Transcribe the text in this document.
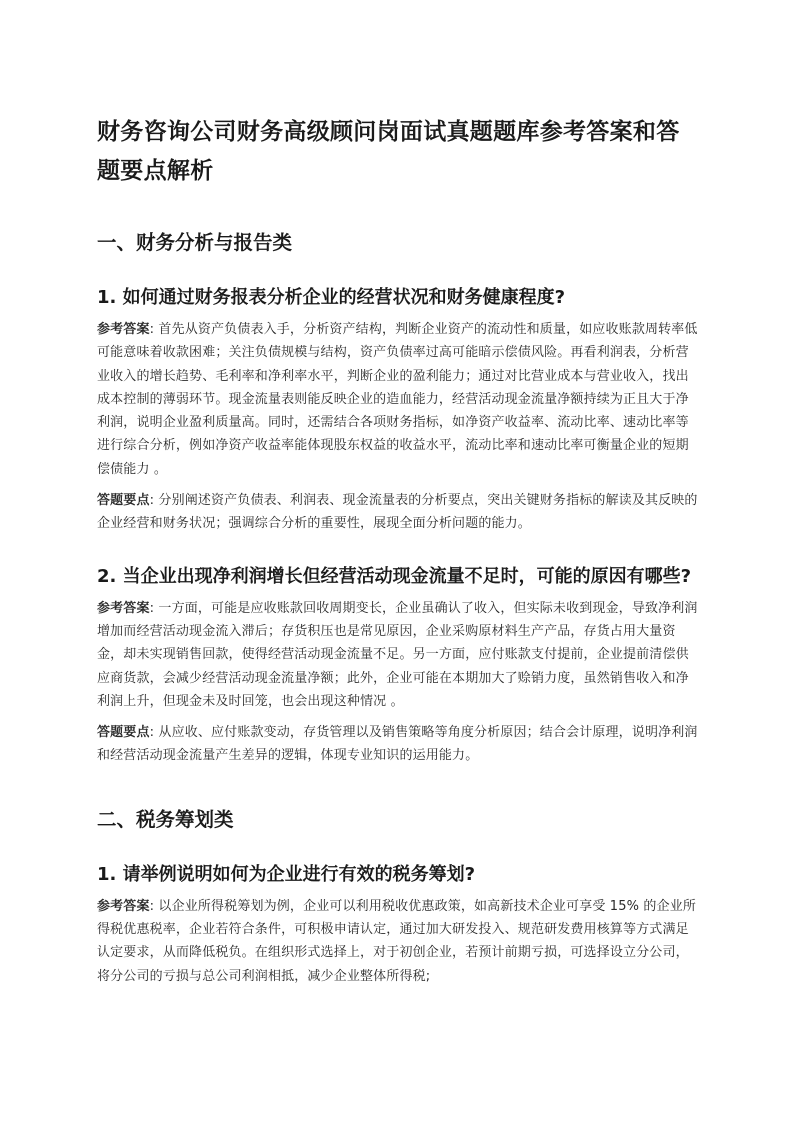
财务咨询公司财务高级顾问岗面试真题题库参考答案和答题要点解析
一、财务分析与报告类
1. 如何通过财务报表分析企业的经营状况和财务健康程度?

参考答案: 首先从资产负债表入手，分析资产结构，判断企业资产的流动性和质量，如应收账款周转率低可能意味着收款困难；关注负债规模与结构，资产负债率过高可能暗示偿债风险。再看利润表，分析营业收入的增长趋势、毛利率和净利率水平，判断企业的盈利能力；通过对比营业成本与营业收入，找出成本控制的薄弱环节。现金流量表则能反映企业的造血能力，经营活动现金流量净额持续为正且大于净利润，说明企业盈利质量高。同时，还需结合各项财务指标，如净资产收益率、流动比率、速动比率等进行综合分析，例如净资产收益率能体现股东权益的收益水平，流动比率和速动比率可衡量企业的短期偿债能力 。

答题要点: 分别阐述资产负债表、利润表、现金流量表的分析要点，突出关键财务指标的解读及其反映的企业经营和财务状况；强调综合分析的重要性，展现全面分析问题的能力。

2. 当企业出现净利润增长但经营活动现金流量不足时，可能的原因有哪些?

参考答案: 一方面，可能是应收账款回收周期变长，企业虽确认了收入，但实际未收到现金，导致净利润增加而经营活动现金流入滞后；存货积压也是常见原因，企业采购原材料生产产品，存货占用大量资金，却未实现销售回款，使得经营活动现金流量不足。另一方面，应付账款支付提前，企业提前清偿供应商货款，会减少经营活动现金流量净额；此外，企业可能在本期加大了赊销力度，虽然销售收入和净利润上升，但现金未及时回笼，也会出现这种情况 。

答题要点: 从应收、应付账款变动，存货管理以及销售策略等角度分析原因；结合会计原理，说明净利润和经营活动现金流量产生差异的逻辑，体现专业知识的运用能力。

二、税务筹划类
1. 请举例说明如何为企业进行有效的税务筹划?

参考答案: 以企业所得税筹划为例，企业可以利用税收优惠政策，如高新技术企业可享受 15% 的企业所得税优惠税率，企业若符合条件，可积极申请认定，通过加大研发投入、规范研发费用核算等方式满足认定要求，从而降低税负。在组织形式选择上，对于初创企业，若预计前期亏损，可选择设立分公司，将分公司的亏损与总公司利润相抵，减少企业整体所得税;
